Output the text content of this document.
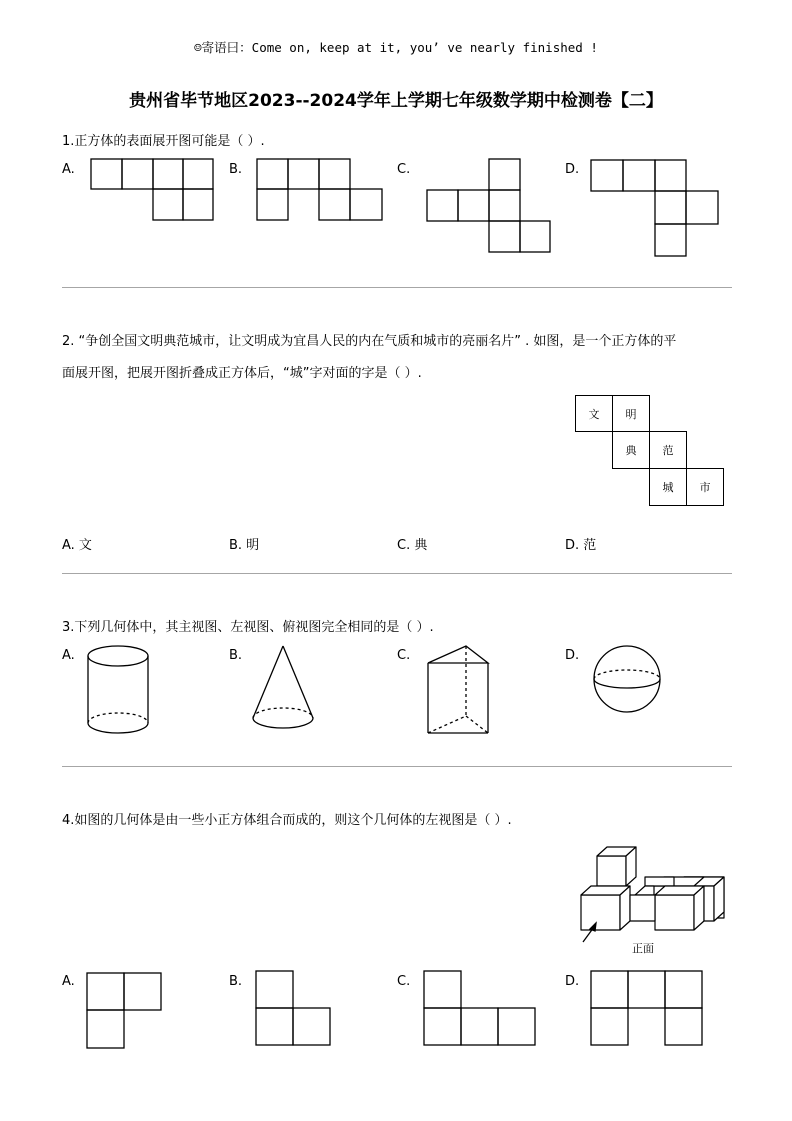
☺寄语曰：Come on, keep at it, you’ ve nearly finished !
贵州省毕节地区2023--2024学年上学期七年级数学期中检测卷【二】
1.正方体的表面展开图可能是（ ）.
A.	B.	C.	D.
2. “争创全国文明典范城市，让文明成为宜昌人民的内在气质和城市的亮丽名片” . 如图，是一个正方体的平
面展开图，把展开图折叠成正方体后，“城”字对面的字是（ ）.
文 明
典 范
城 市
A. 文	B. 明	C. 典	D. 范
3.下列几何体中，其主视图、左视图、俯视图完全相同的是（ ）.
A.	B.	C.	D.
4.如图的几何体是由一些小正方体组合而成的，则这个几何体的左视图是（ ）.
正面
A.	B.	C.	D.
